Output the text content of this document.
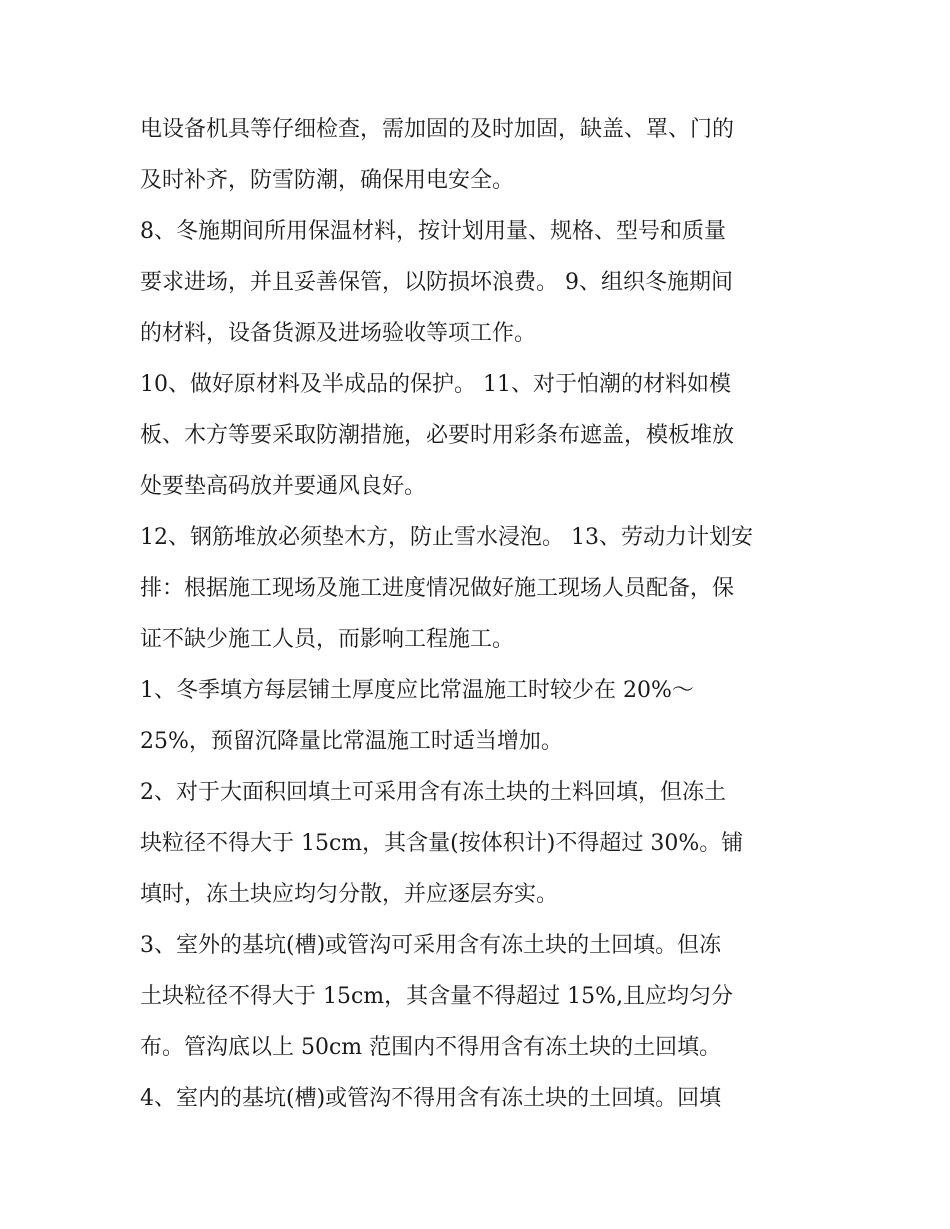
电设备机具等仔细检查，需加固的及时加固，缺盖、罩、门的
及时补齐，防雪防潮，确保用电安全。
8、冬施期间所用保温材料，按计划用量、规格、型号和质量
要求进场，并且妥善保管，以防损坏浪费。 9、组织冬施期间
的材料，设备货源及进场验收等项工作。
10、做好原材料及半成品的保护。 11、对于怕潮的材料如模
板、木方等要采取防潮措施，必要时用彩条布遮盖，模板堆放
处要垫高码放并要通风良好。
12、钢筋堆放必须垫木方，防止雪水浸泡。 13、劳动力计划安
排：根据施工现场及施工进度情况做好施工现场人员配备，保
证不缺少施工人员，而影响工程施工。
1、冬季填方每层铺土厚度应比常温施工时较少在 20%～
25%，预留沉降量比常温施工时适当增加。
2、对于大面积回填土可采用含有冻土块的土料回填，但冻土
块粒径不得大于 15cm，其含量(按体积计)不得超过 30%。铺
填时，冻土块应均匀分散，并应逐层夯实。
3、室外的基坑(槽)或管沟可采用含有冻土块的土回填。但冻
土块粒径不得大于 15cm，其含量不得超过 15%,且应均匀分
布。管沟底以上 50cm 范围内不得用含有冻土块的土回填。
4、室内的基坑(槽)或管沟不得用含有冻土块的土回填。回填
